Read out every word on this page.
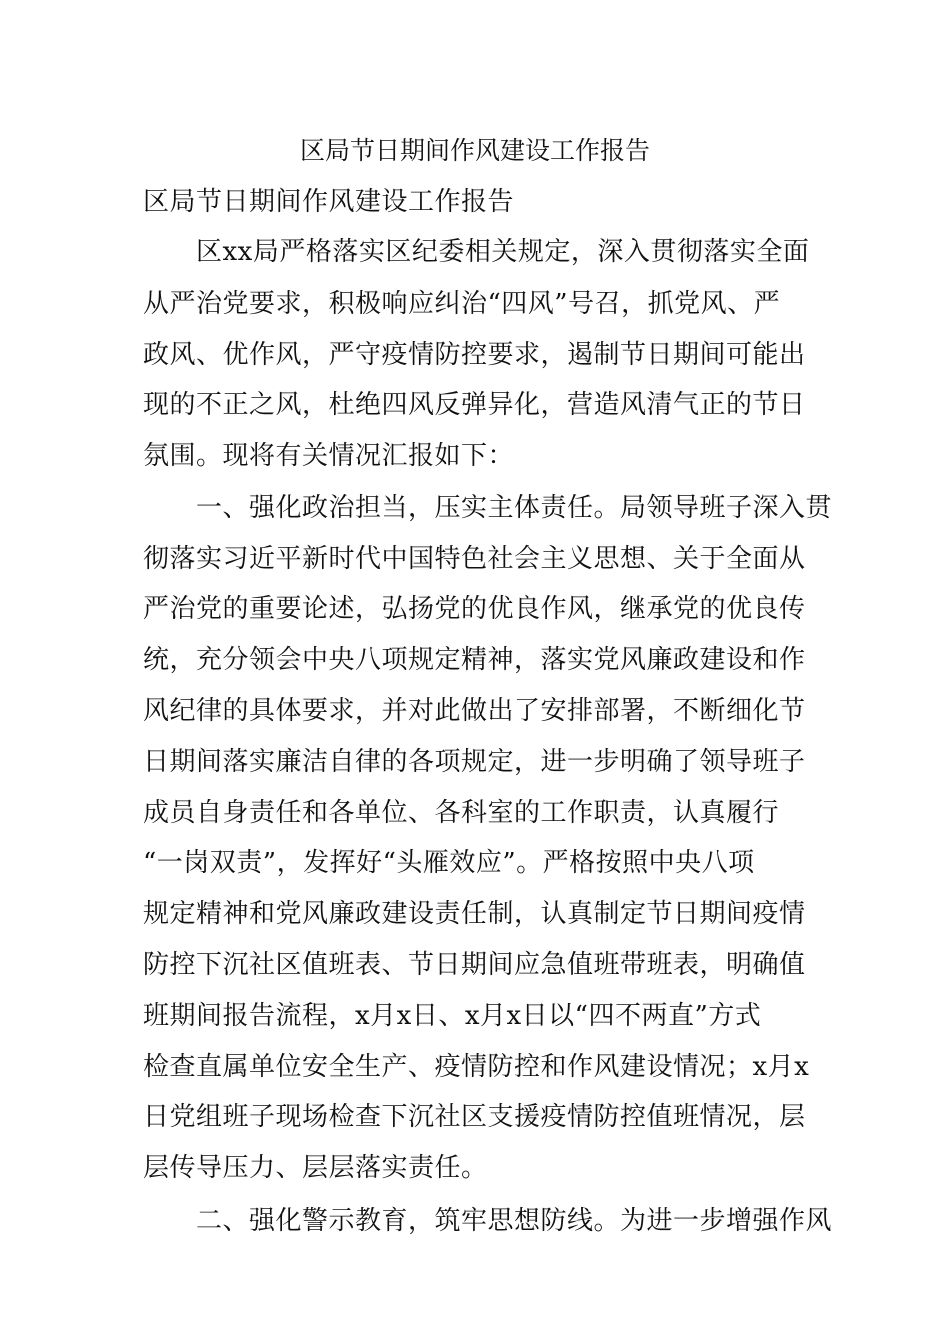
区局节日期间作风建设工作报告
区局节日期间作风建设工作报告
　　区xx局严格落实区纪委相关规定，深入贯彻落实全面
从严治党要求，积极响应纠治“四风”号召，抓党风、严
政风、优作风，严守疫情防控要求，遏制节日期间可能出
现的不正之风，杜绝四风反弹异化，营造风清气正的节日
氛围。现将有关情况汇报如下：
　　一、强化政治担当，压实主体责任。局领导班子深入贯
彻落实习近平新时代中国特色社会主义思想、关于全面从
严治党的重要论述，弘扬党的优良作风，继承党的优良传
统，充分领会中央八项规定精神，落实党风廉政建设和作
风纪律的具体要求，并对此做出了安排部署，不断细化节
日期间落实廉洁自律的各项规定，进一步明确了领导班子
成员自身责任和各单位、各科室的工作职责，认真履行
“一岗双责”，发挥好“头雁效应”。严格按照中央八项
规定精神和党风廉政建设责任制，认真制定节日期间疫情
防控下沉社区值班表、节日期间应急值班带班表，明确值
班期间报告流程，x月x日、x月x日以“四不两直”方式
检查直属单位安全生产、疫情防控和作风建设情况；x月x
日党组班子现场检查下沉社区支援疫情防控值班情况，层
层传导压力、层层落实责任。
　　二、强化警示教育，筑牢思想防线。为进一步增强作风
